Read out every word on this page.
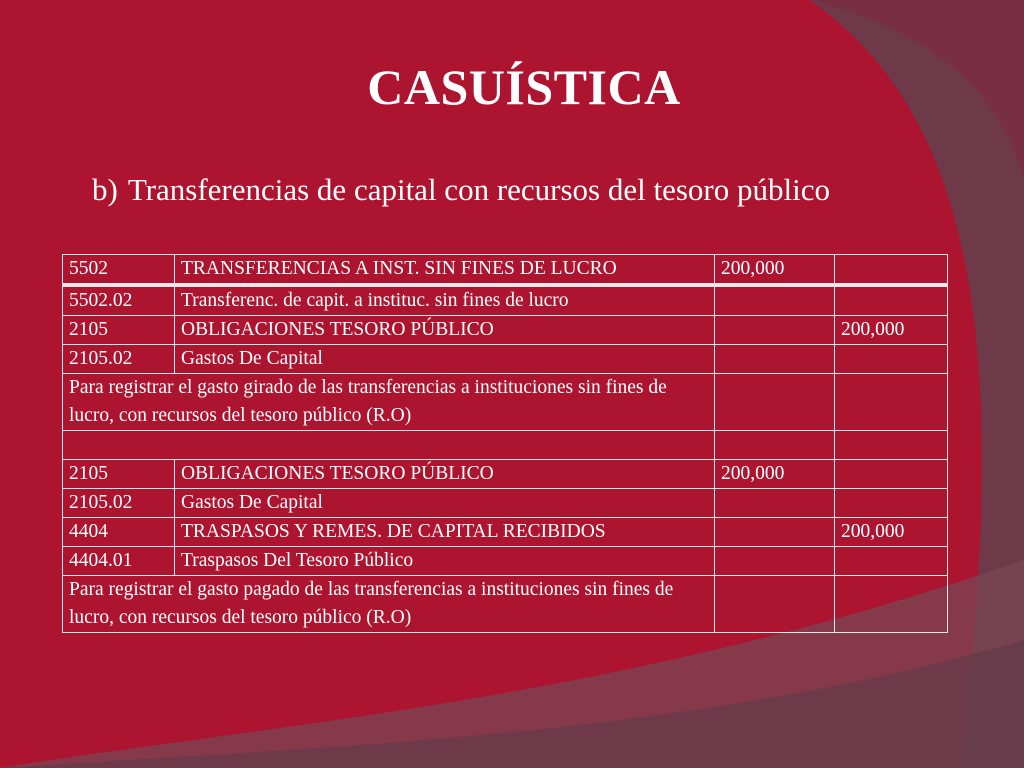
CASUÍSTICA
b) Transferencias de capital con recursos del tesoro público
5502	TRANSFERENCIAS A INST. SIN FINES DE LUCRO	200,000	
5502.02	Transferenc. de capit. a instituc. sin fines de lucro		
2105	OBLIGACIONES TESORO PÚBLICO		200,000
2105.02	Gastos De Capital		
Para registrar el gasto girado de las transferencias a instituciones sin fines de lucro, con recursos del tesoro público (R.O)			

2105	OBLIGACIONES TESORO PÚBLICO	200,000	
2105.02	Gastos De Capital		
4404	TRASPASOS Y REMES. DE CAPITAL RECIBIDOS		200,000
4404.01	Traspasos Del Tesoro Público		
Para registrar el gasto pagado de las transferencias a instituciones sin fines de lucro, con recursos del tesoro público (R.O)			
